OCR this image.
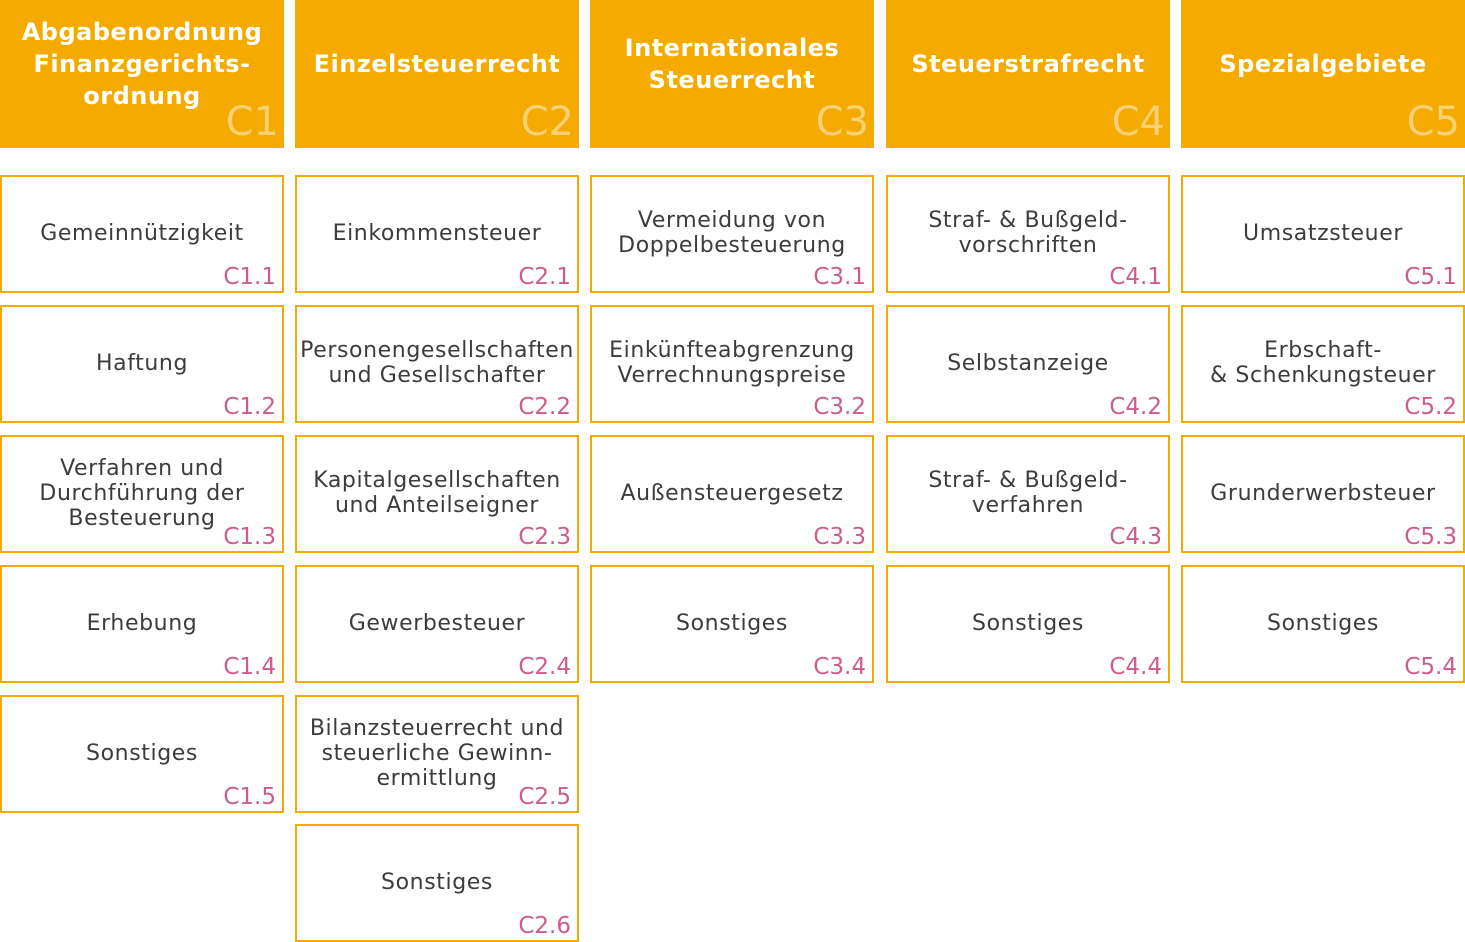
Abgabenordnung
Finanzgerichts-
ordnung
C1
Gemeinnützigkeit
C1.1
Haftung
C1.2
Verfahren und
Durchführung der
Besteuerung
C1.3
Erhebung
C1.4
Sonstiges
C1.5
Einzelsteuerrecht
C2
Einkommensteuer
C2.1
Personengesellschaften
und Gesellschafter
C2.2
Kapitalgesellschaften
und Anteilseigner
C2.3
Gewerbesteuer
C2.4
Bilanzsteuerrecht und
steuerliche Gewinn-
ermittlung
C2.5
Sonstiges
C2.6
Internationales
Steuerrecht
C3
Vermeidung von
Doppelbesteuerung
C3.1
Einkünfteabgrenzung
Verrechnungspreise
C3.2
Außensteuergesetz
C3.3
Sonstiges
C3.4
Steuerstrafrecht
C4
Straf- & Bußgeld-
vorschriften
C4.1
Selbstanzeige
C4.2
Straf- & Bußgeld-
verfahren
C4.3
Sonstiges
C4.4
Spezialgebiete
C5
Umsatzsteuer
C5.1
Erbschaft-
& Schenkungsteuer
C5.2
Grunderwerbsteuer
C5.3
Sonstiges
C5.4
